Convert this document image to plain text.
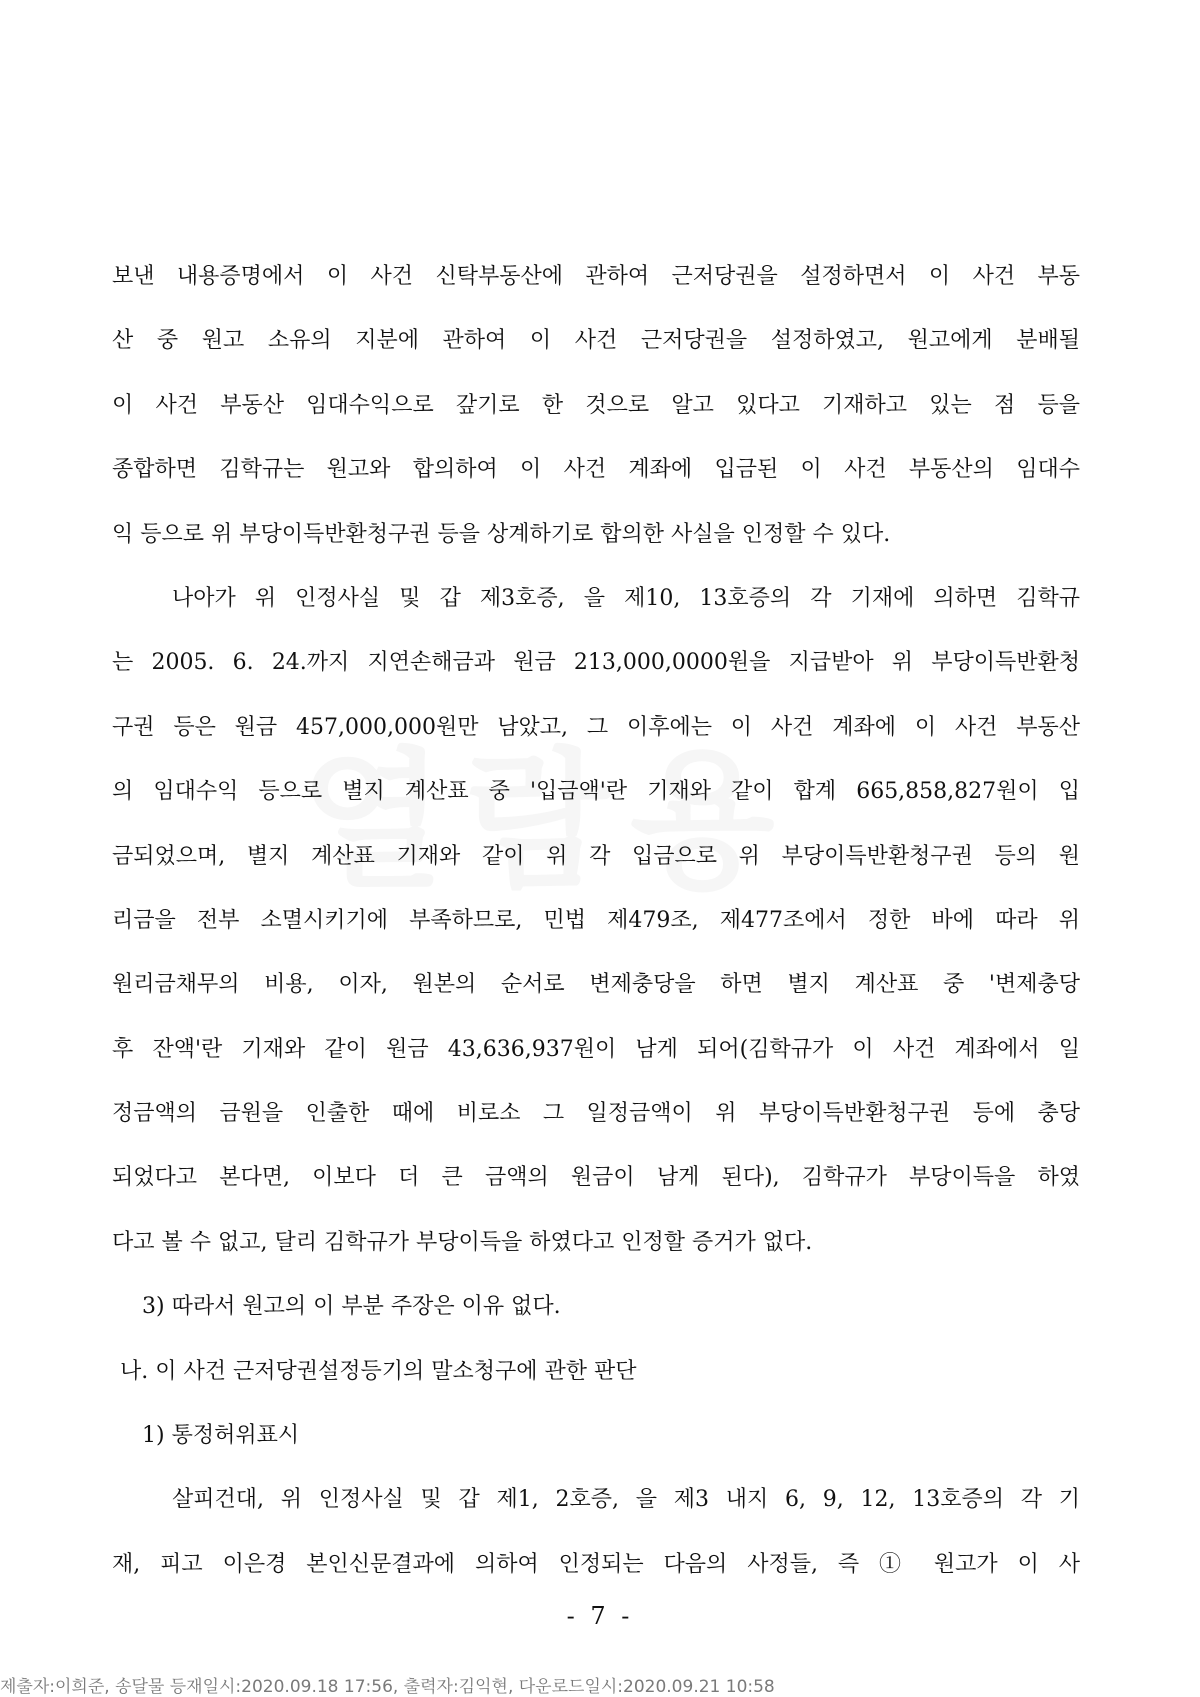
보낸 내용증명에서 이 사건 신탁부동산에 관하여 근저당권을 설정하면서 이 사건 부동
산 중 원고 소유의 지분에 관하여 이 사건 근저당권을 설정하였고, 원고에게 분배될
이 사건 부동산 임대수익으로 갚기로 한 것으로 알고 있다고 기재하고 있는 점 등을
종합하면 김학규는 원고와 합의하여 이 사건 계좌에 입금된 이 사건 부동산의 임대수
익 등으로 위 부당이득반환청구권 등을 상계하기로 합의한 사실을 인정할 수 있다.
나아가 위 인정사실 및 갑 제3호증, 을 제10, 13호증의 각 기재에 의하면 김학규
는 2005. 6. 24.까지 지연손해금과 원금 213,000,0000원을 지급받아 위 부당이득반환청
구권 등은 원금 457,000,000원만 남았고, 그 이후에는 이 사건 계좌에 이 사건 부동산
의 임대수익 등으로 별지 계산표 중 '입금액'란 기재와 같이 합계 665,858,827원이 입
금되었으며, 별지 계산표 기재와 같이 위 각 입금으로 위 부당이득반환청구권 등의 원
리금을 전부 소멸시키기에 부족하므로, 민법 제479조, 제477조에서 정한 바에 따라 위
원리금채무의 비용, 이자, 원본의 순서로 변제충당을 하면 별지 계산표 중 '변제충당
후 잔액'란 기재와 같이 원금 43,636,937원이 남게 되어(김학규가 이 사건 계좌에서 일
정금액의 금원을 인출한 때에 비로소 그 일정금액이 위 부당이득반환청구권 등에 충당
되었다고 본다면, 이보다 더 큰 금액의 원금이 남게 된다), 김학규가 부당이득을 하였
다고 볼 수 없고, 달리 김학규가 부당이득을 하였다고 인정할 증거가 없다.
3) 따라서 원고의 이 부분 주장은 이유 없다.
나. 이 사건 근저당권설정등기의 말소청구에 관한 판단
1) 통정허위표시
살피건대, 위 인정사실 및 갑 제1, 2호증, 을 제3 내지 6, 9, 12, 13호증의 각 기
재, 피고 이은경 본인신문결과에 의하여 인정되는 다음의 사정들, 즉 ① 원고가 이 사
- 7 -
제출자:이희준, 송달물 등재일시:2020.09.18 17:56, 출력자:김익현, 다운로드일시:2020.09.21 10:58
